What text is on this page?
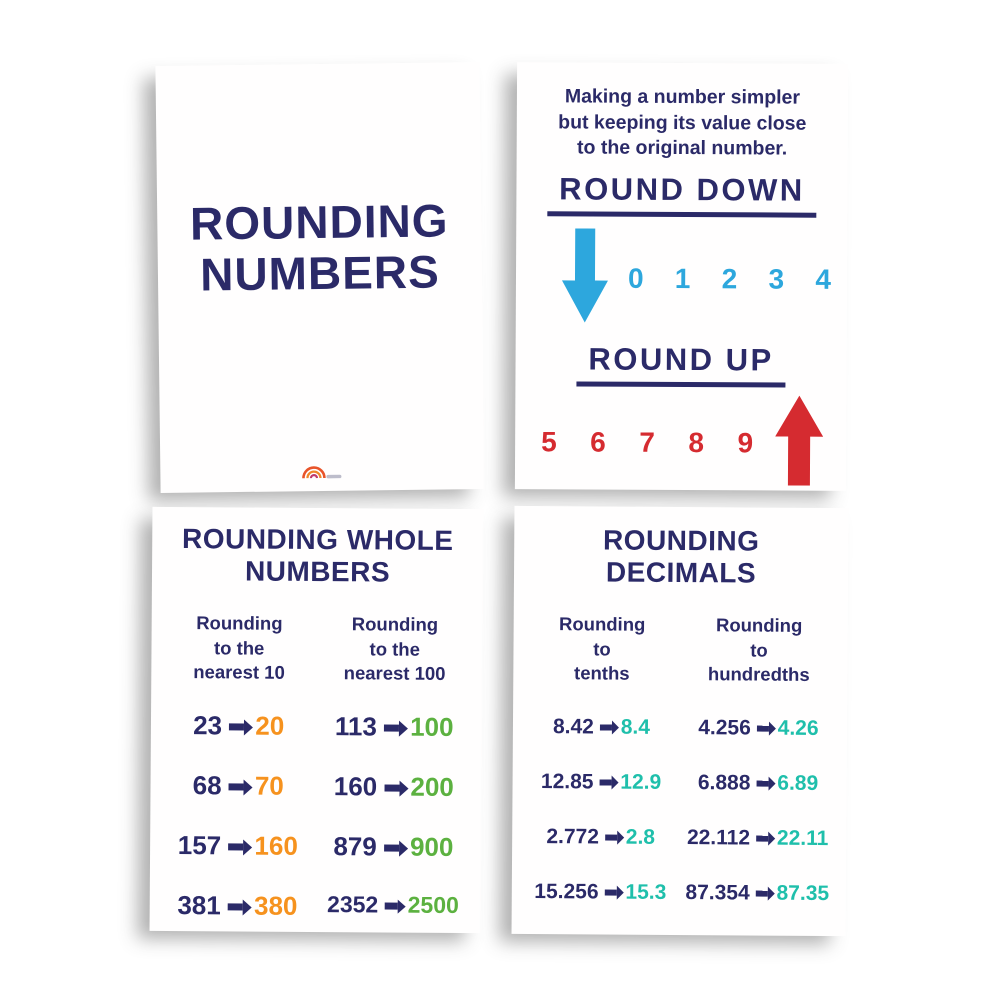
ROUNDING
NUMBERS

Making a number simpler
but keeping its value close
to the original number.

ROUND DOWN
0 1 2 3 4
ROUND UP
5 6 7 8 9
ROUNDING WHOLE
NUMBERS
Rounding
to the
nearest 10
23 20
68 70
157 160
381 380
Rounding
to the
nearest 100
113 100
160 200
879 900
2352 2500
ROUNDING
DECIMALS
Rounding
to
tenths
8.42 8.4
12.85 12.9
2.772 2.8
15.256 15.3
Rounding
to
hundredths
4.256 4.26
6.888 6.89
22.112 22.11
87.354 87.35
